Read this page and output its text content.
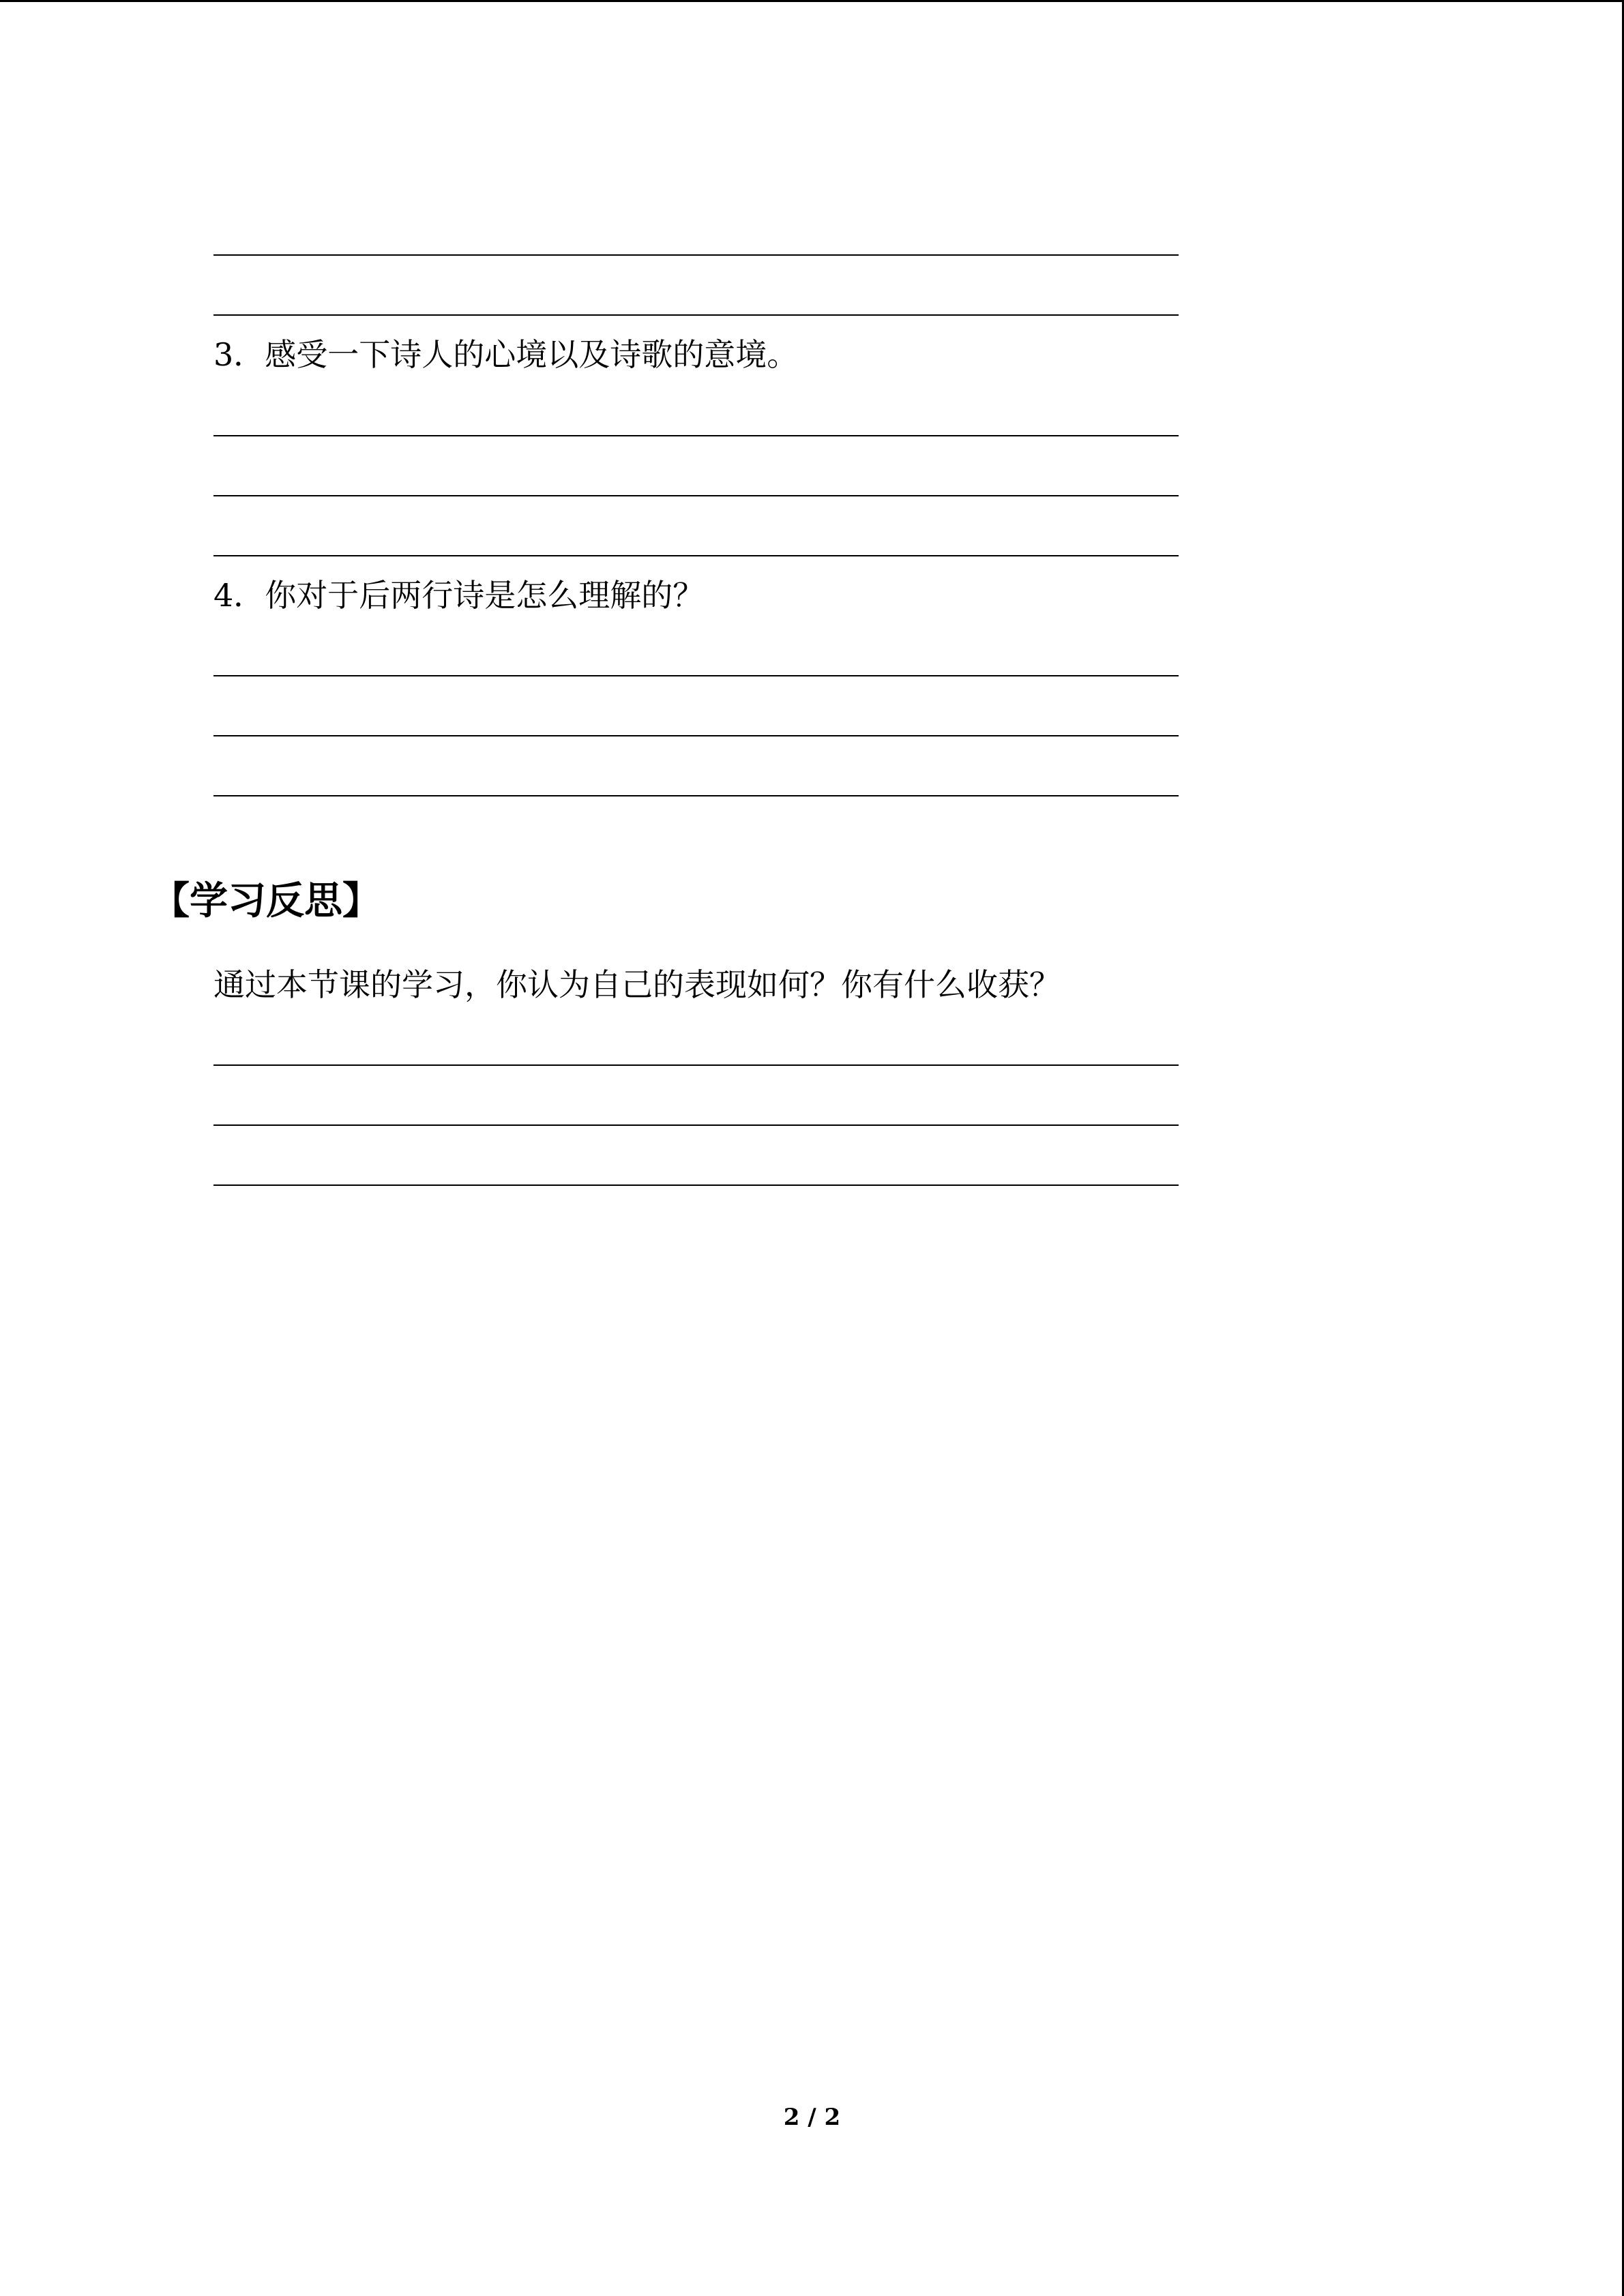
3．感受一下诗人的心境以及诗歌的意境。
4．你对于后两行诗是怎么理解的？
【学习反思】
通过本节课的学习，你认为自己的表现如何？你有什么收获？
2 / 2
